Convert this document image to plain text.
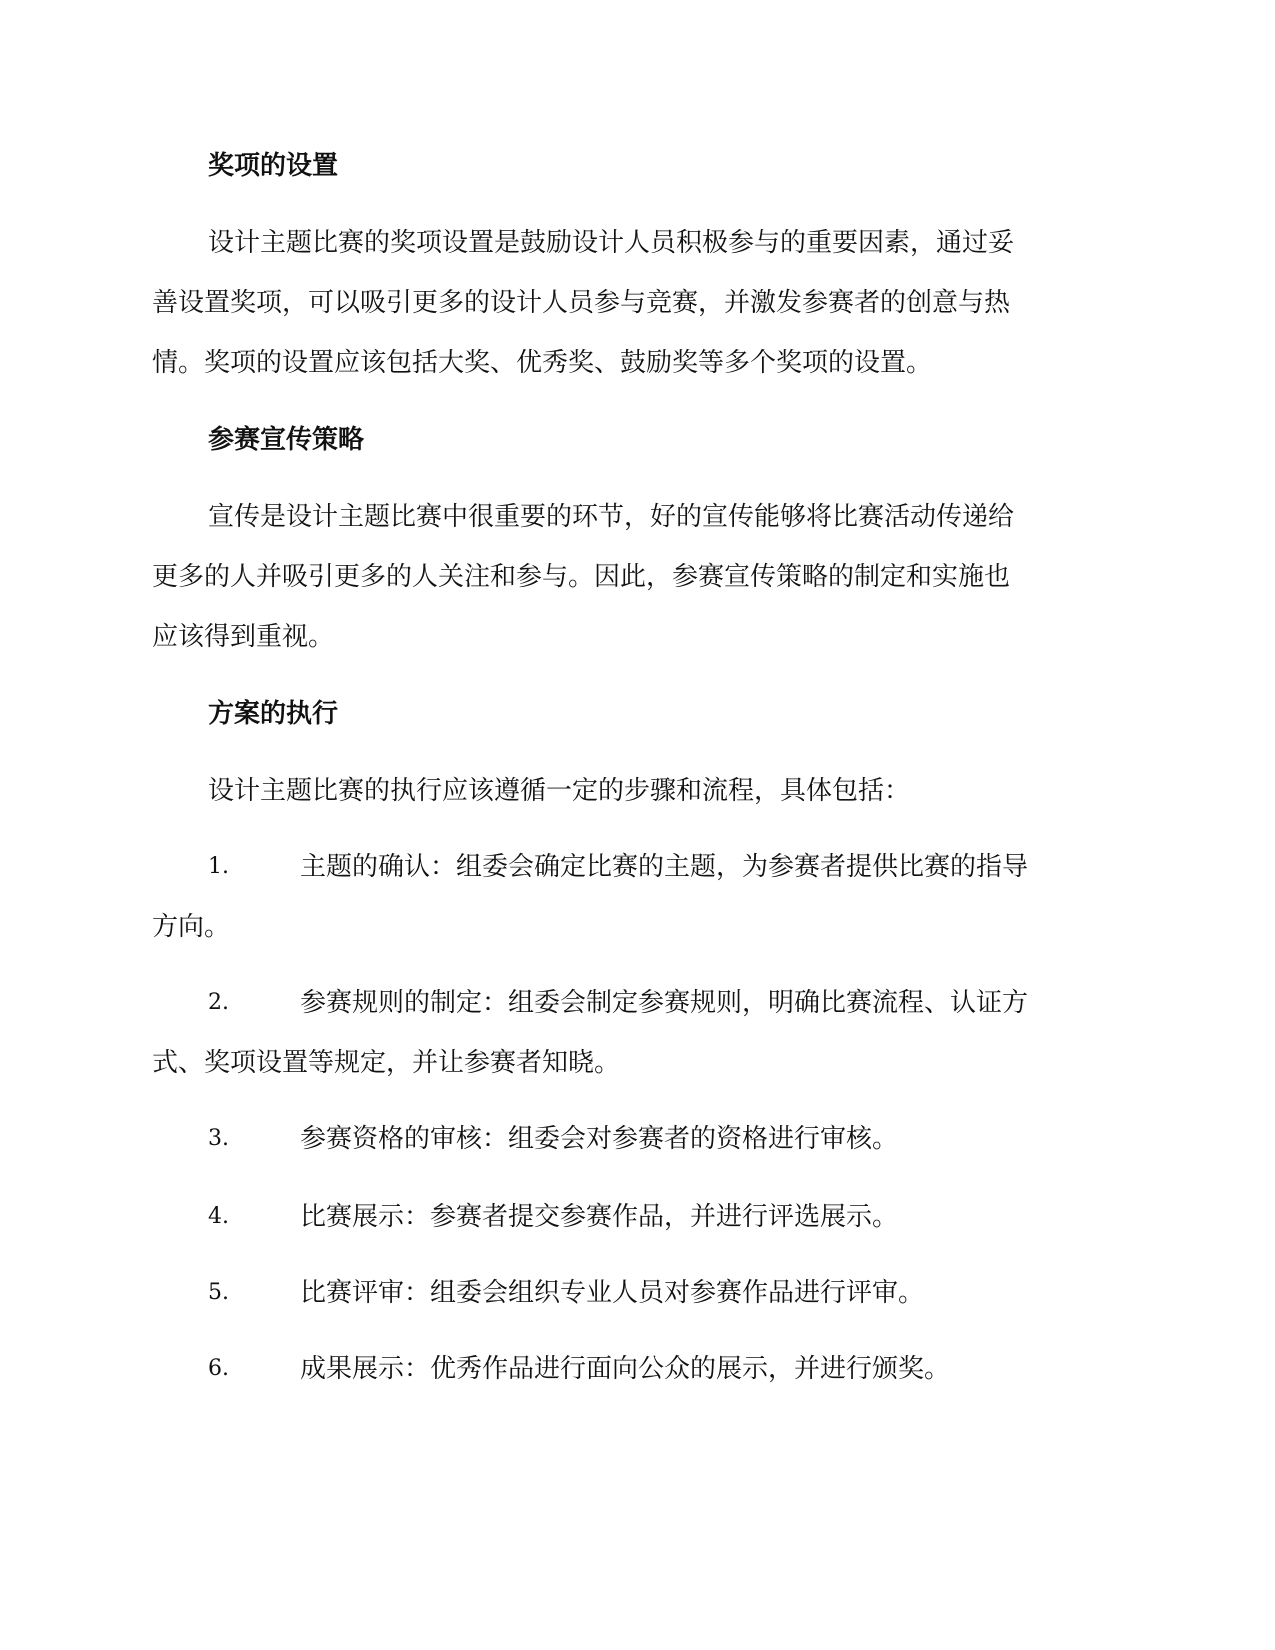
奖项的设置
设计主题比赛的奖项设置是鼓励设计人员积极参与的重要因素，通过妥
善设置奖项，可以吸引更多的设计人员参与竞赛，并激发参赛者的创意与热
情。奖项的设置应该包括大奖、优秀奖、鼓励奖等多个奖项的设置。
参赛宣传策略
宣传是设计主题比赛中很重要的环节，好的宣传能够将比赛活动传递给
更多的人并吸引更多的人关注和参与。因此，参赛宣传策略的制定和实施也
应该得到重视。
方案的执行
设计主题比赛的执行应该遵循一定的步骤和流程，具体包括：
1.	主题的确认：组委会确定比赛的主题，为参赛者提供比赛的指导
方向。
2.	参赛规则的制定：组委会制定参赛规则，明确比赛流程、认证方
式、奖项设置等规定，并让参赛者知晓。
3.	参赛资格的审核：组委会对参赛者的资格进行审核。
4.	比赛展示：参赛者提交参赛作品，并进行评选展示。
5.	比赛评审：组委会组织专业人员对参赛作品进行评审。
6.	成果展示：优秀作品进行面向公众的展示，并进行颁奖。
